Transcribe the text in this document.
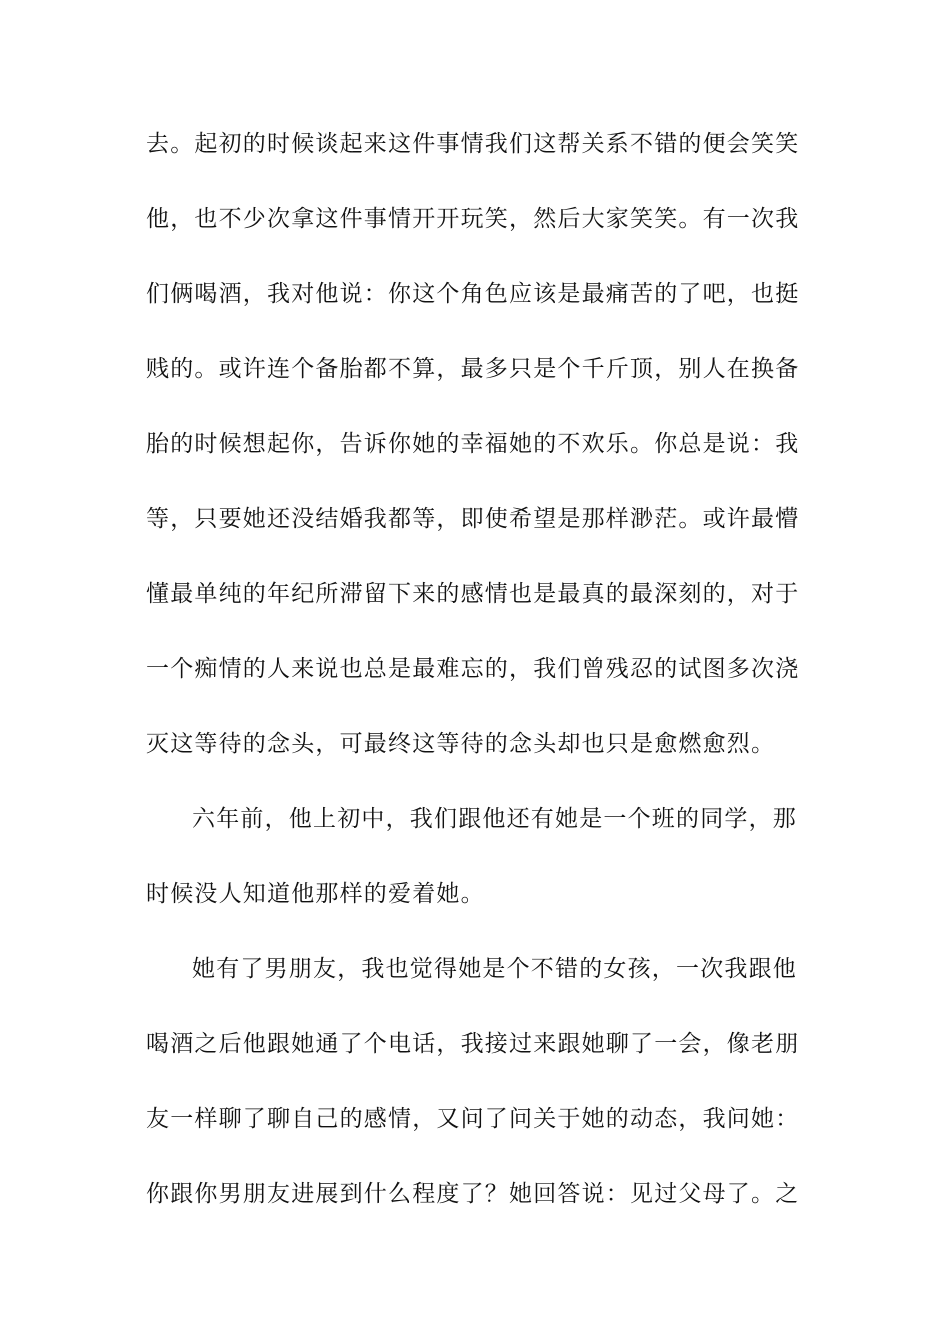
去。起初的时候谈起来这件事情我们这帮关系不错的便会笑笑
他，也不少次拿这件事情开开玩笑，然后大家笑笑。有一次我
们俩喝酒，我对他说：你这个角色应该是最痛苦的了吧，也挺
贱的。或许连个备胎都不算，最多只是个千斤顶，别人在换备
胎的时候想起你，告诉你她的幸福她的不欢乐。你总是说：我
等，只要她还没结婚我都等，即使希望是那样渺茫。或许最懵
懂最单纯的年纪所滞留下来的感情也是最真的最深刻的，对于
一个痴情的人来说也总是最难忘的，我们曾残忍的试图多次浇
灭这等待的念头，可最终这等待的念头却也只是愈燃愈烈。
六年前，他上初中，我们跟他还有她是一个班的同学，那
时候没人知道他那样的爱着她。
她有了男朋友，我也觉得她是个不错的女孩，一次我跟他
喝酒之后他跟她通了个电话，我接过来跟她聊了一会，像老朋
友一样聊了聊自己的感情，又问了问关于她的动态，我问她：
你跟你男朋友进展到什么程度了？她回答说：见过父母了。之
